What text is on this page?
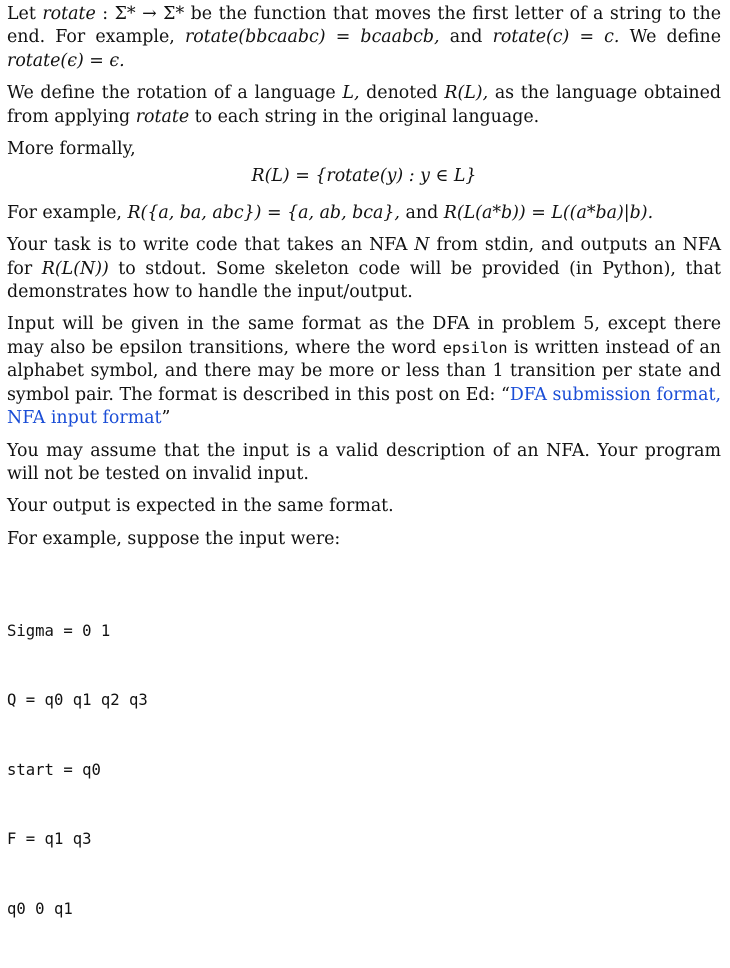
Let rotate : Σ* → Σ* be the function that moves the first letter of a string to the end. For example, rotate(bbcaabc) = bcaabcb, and rotate(c) = c. We define rotate(ϵ) = ϵ.

We define the rotation of a language L, denoted R(L), as the language obtained from applying rotate to each string in the original language.

More formally,

R(L) = {rotate(y) : y ∈ L}

For example, R({a, ba, abc}) = {a, ab, bca}, and R(L(a*b)) = L((a*ba)|b).

Your task is to write code that takes an NFA N from stdin, and outputs an NFA for R(L(N)) to stdout. Some skeleton code will be provided (in Python), that demonstrates how to handle the input/output.

Input will be given in the same format as the DFA in problem 5, except there may also be epsilon transitions, where the word epsilon is written instead of an alphabet symbol, and there may be more or less than 1 transition per state and symbol pair. The format is described in this post on Ed: “DFA submission format, NFA input format”

You may assume that the input is a valid description of an NFA. Your program will not be tested on invalid input.

Your output is expected in the same format.

For example, suppose the input were:

Sigma = 0 1

Q = q0 q1 q2 q3

start = q0

F = q1 q3

q0 0 q1
